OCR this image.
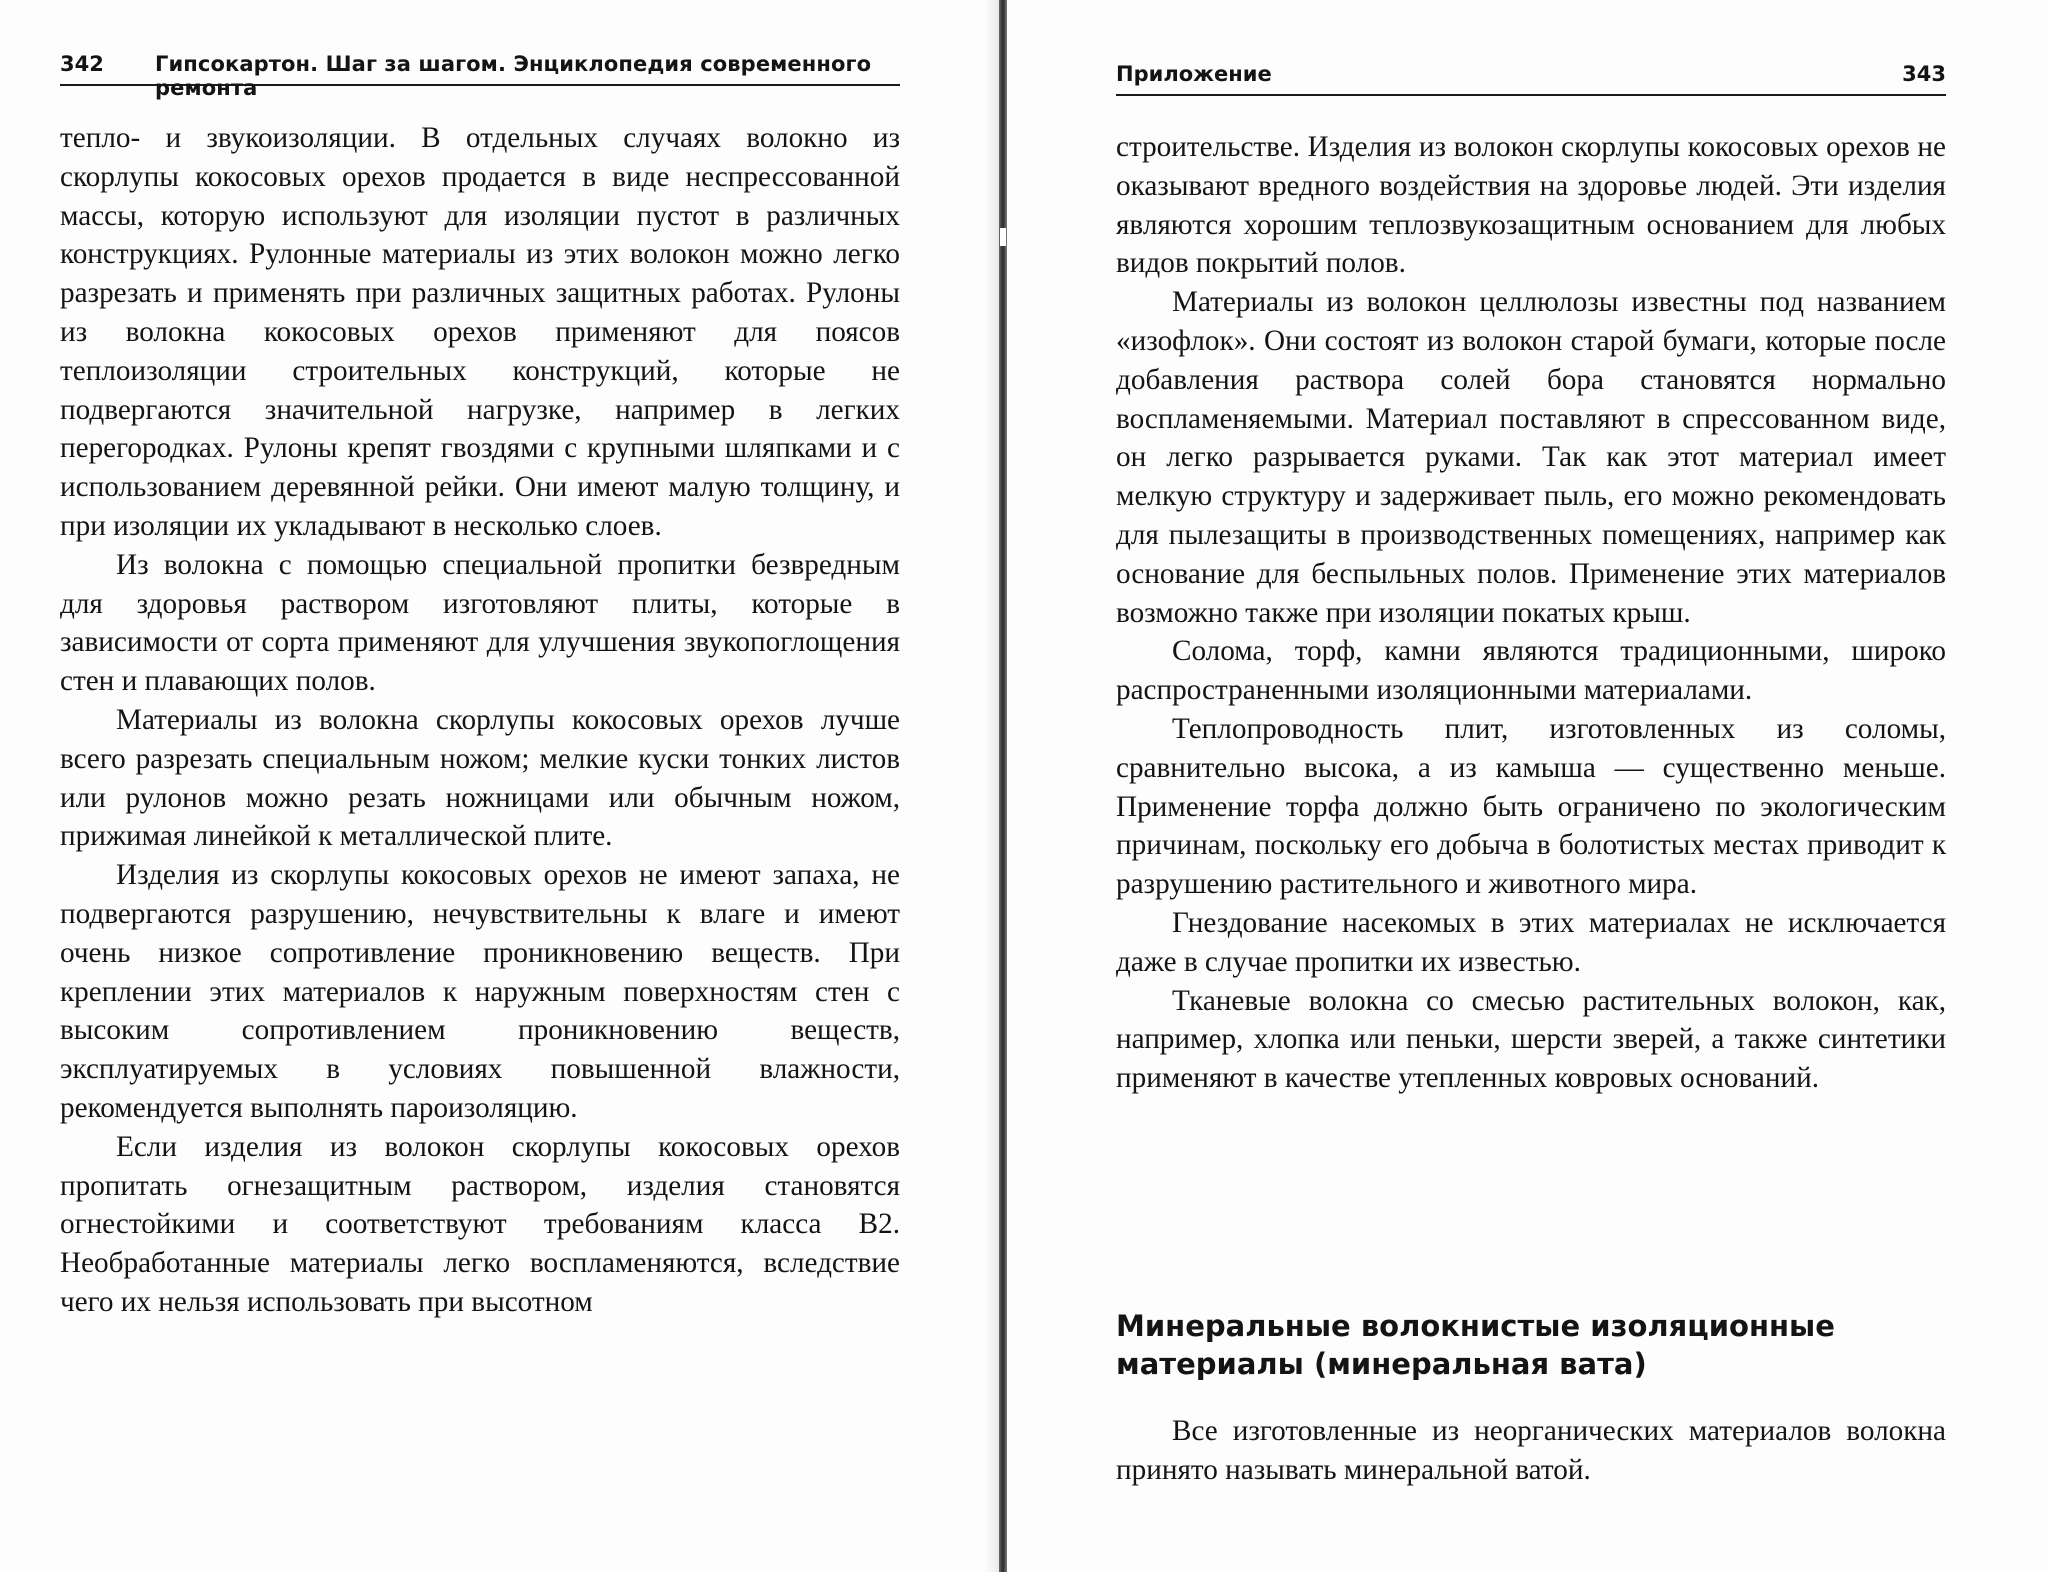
342 Гипсокартон. Шаг за шагом. Энциклопедия современного ремонта

тепло- и звукоизоляции. В отдельных случаях волокно из скорлупы кокосовых орехов продается в виде неспрессованной массы, которую используют для изоляции пустот в различных конструкциях. Рулонные материалы из этих волокон можно легко разрезать и применять при различных защитных работах. Рулоны из волокна кокосовых орехов применяют для поясов теплоизоляции строительных конструкций, которые не подвергаются значительной нагрузке, например в легких перегородках. Рулоны крепят гвоздями с крупными шляпками и с использованием деревянной рейки. Они имеют малую толщину, и при изоляции их укладывают в несколько слоев.

Из волокна с помощью специальной пропитки безвредным для здоровья раствором изготовляют плиты, которые в зависимости от сорта применяют для улучшения звукопоглощения стен и плавающих полов.

Материалы из волокна скорлупы кокосовых орехов лучше всего разрезать специальным ножом; мелкие куски тонких листов или рулонов можно резать ножницами или обычным ножом, прижимая линейкой к металлической плите.

Изделия из скорлупы кокосовых орехов не имеют запаха, не подвергаются разрушению, нечувствительны к влаге и имеют очень низкое сопротивление проникновению веществ. При креплении этих материалов к наружным поверхностям стен с высоким сопротивлением проникновению веществ, эксплуатируемых в условиях повышенной влажности, рекомендуется выполнять пароизоляцию.

Если изделия из волокон скорлупы кокосовых орехов пропитать огнезащитным раствором, изделия становятся огнестойкими и соответствуют требованиям класса B2. Необработанные материалы легко воспламеняются, вследствие чего их нельзя использовать при высотном

Приложение	343

строительстве. Изделия из волокон скорлупы кокосовых орехов не оказывают вредного воздействия на здоровье людей. Эти изделия являются хорошим теплозвукозащитным основанием для любых видов покрытий полов.

Материалы из волокон целлюлозы известны под названием «изофлок». Они состоят из волокон старой бумаги, которые после добавления раствора солей бора становятся нормально воспламеняемыми. Материал поставляют в спрессованном виде, он легко разрывается руками. Так как этот материал имеет мелкую структуру и задерживает пыль, его можно рекомендовать для пылезащиты в производственных помещениях, например как основание для беспыльных полов. Применение этих материалов возможно также при изоляции покатых крыш.

Солома, торф, камни являются традиционными, широко распространенными изоляционными материалами.

Теплопроводность плит, изготовленных из соломы, сравнительно высока, а из камыша — существенно меньше. Применение торфа должно быть ограничено по экологическим причинам, поскольку его добыча в болотистых местах приводит к разрушению растительного и животного мира.

Гнездование насекомых в этих материалах не исключается даже в случае пропитки их известью.

Тканевые волокна со смесью растительных волокон, как, например, хлопка или пеньки, шерсти зверей, а также синтетики применяют в качестве утепленных ковровых оснований.

Минеральные волокнистые изоляционные материалы (минеральная вата)

Все изготовленные из неорганических материалов волокна принято называть минеральной ватой.
